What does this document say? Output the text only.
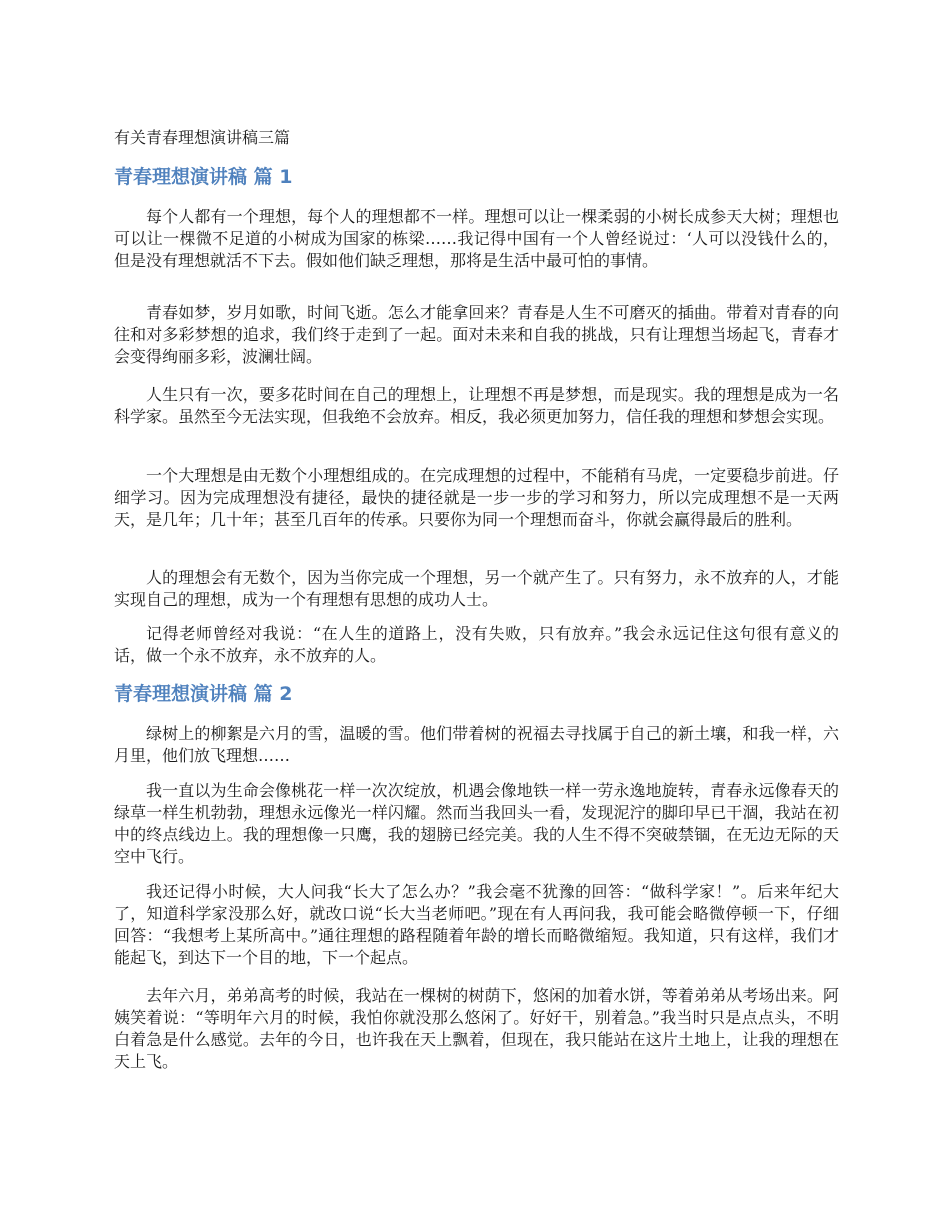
有关青春理想演讲稿三篇
青春理想演讲稿 篇 1

每个人都有一个理想，每个人的理想都不一样。理想可以让一棵柔弱的小树长成参天大树；理想也可以让一棵微不足道的小树成为国家的栋梁……我记得中国有一个人曾经说过：‘人可以没钱什么的，但是没有理想就活不下去。假如他们缺乏理想，那将是生活中最可怕的事情。

青春如梦，岁月如歌，时间飞逝。怎么才能拿回来？青春是人生不可磨灭的插曲。带着对青春的向往和对多彩梦想的追求，我们终于走到了一起。面对未来和自我的挑战，只有让理想当场起飞，青春才会变得绚丽多彩，波澜壮阔。

人生只有一次，要多花时间在自己的理想上，让理想不再是梦想，而是现实。我的理想是成为一名科学家。虽然至今无法实现，但我绝不会放弃。相反，我必须更加努力，信任我的理想和梦想会实现。

一个大理想是由无数个小理想组成的。在完成理想的过程中，不能稍有马虎，一定要稳步前进。仔细学习。因为完成理想没有捷径，最快的捷径就是一步一步的学习和努力，所以完成理想不是一天两天，是几年；几十年；甚至几百年的传承。只要你为同一个理想而奋斗，你就会赢得最后的胜利。

人的理想会有无数个，因为当你完成一个理想，另一个就产生了。只有努力，永不放弃的人，才能实现自己的理想，成为一个有理想有思想的成功人士。

记得老师曾经对我说：“在人生的道路上，没有失败，只有放弃。”我会永远记住这句很有意义的话，做一个永不放弃，永不放弃的人。

青春理想演讲稿 篇 2

绿树上的柳絮是六月的雪，温暖的雪。他们带着树的祝福去寻找属于自己的新土壤，和我一样，六月里，他们放飞理想……

我一直以为生命会像桃花一样一次次绽放，机遇会像地铁一样一劳永逸地旋转，青春永远像春天的绿草一样生机勃勃，理想永远像光一样闪耀。然而当我回头一看，发现泥泞的脚印早已干涸，我站在初中的终点线边上。我的理想像一只鹰，我的翅膀已经完美。我的人生不得不突破禁锢，在无边无际的天空中飞行。

我还记得小时候，大人问我“长大了怎么办？”我会毫不犹豫的回答：“做科学家！”。后来年纪大了，知道科学家没那么好，就改口说“长大当老师吧。”现在有人再问我，我可能会略微停顿一下，仔细回答：“我想考上某所高中。”通往理想的路程随着年龄的增长而略微缩短。我知道，只有这样，我们才能起飞，到达下一个目的地，下一个起点。

去年六月，弟弟高考的时候，我站在一棵树的树荫下，悠闲的加着水饼，等着弟弟从考场出来。阿姨笑着说：“等明年六月的时候，我怕你就没那么悠闲了。好好干，别着急。”我当时只是点点头，不明白着急是什么感觉。去年的今日，也许我在天上飘着，但现在，我只能站在这片土地上，让我的理想在天上飞。
